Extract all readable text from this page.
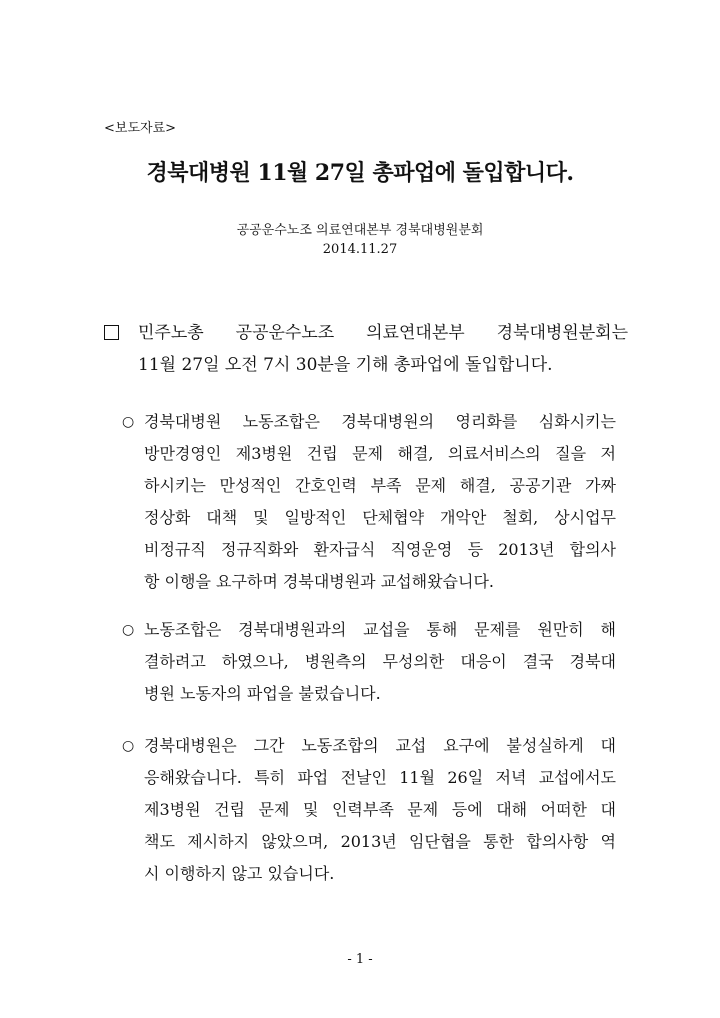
<보도자료>
경북대병원 11월 27일 총파업에 돌입합니다.
공공운수노조 의료연대본부 경북대병원분회
2014.11.27
민주노총 공공운수노조 의료연대본부 경북대병원분회는
11월 27일 오전 7시 30분을 기해 총파업에 돌입합니다.
○ 경북대병원 노동조합은 경북대병원의 영리화를 심화시키는
방만경영인 제3병원 건립 문제 해결, 의료서비스의 질을 저
하시키는 만성적인 간호인력 부족 문제 해결, 공공기관 가짜
정상화 대책 및 일방적인 단체협약 개악안 철회, 상시업무
비정규직 정규직화와 환자급식 직영운영 등 2013년 합의사
항 이행을 요구하며 경북대병원과 교섭해왔습니다.
○ 노동조합은 경북대병원과의 교섭을 통해 문제를 원만히 해
결하려고 하였으나, 병원측의 무성의한 대응이 결국 경북대
병원 노동자의 파업을 불렀습니다.
○ 경북대병원은 그간 노동조합의 교섭 요구에 불성실하게 대
응해왔습니다. 특히 파업 전날인 11월 26일 저녁 교섭에서도
제3병원 건립 문제 및 인력부족 문제 등에 대해 어떠한 대
책도 제시하지 않았으며, 2013년 임단협을 통한 합의사항 역
시 이행하지 않고 있습니다.
- 1 -
